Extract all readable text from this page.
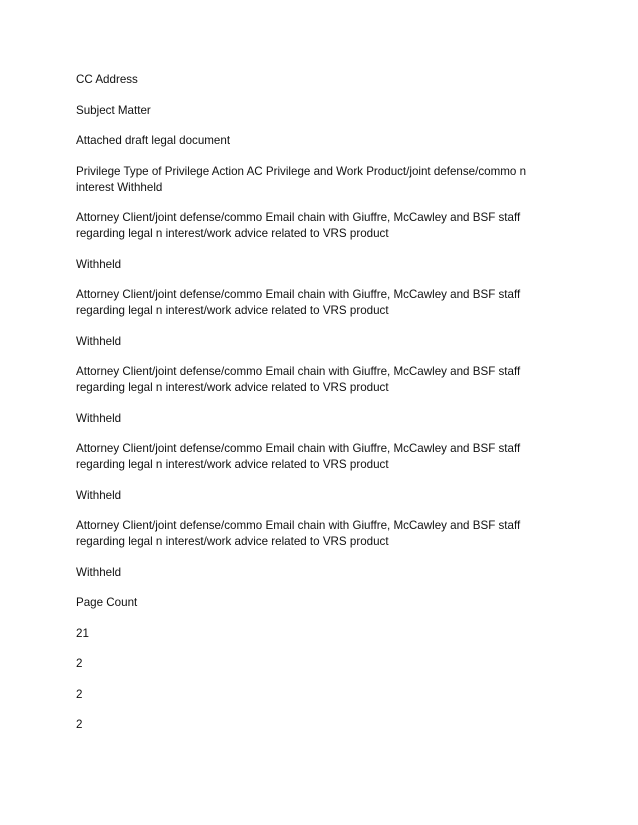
CC Address

Subject Matter

Attached draft legal document

Privilege Type of Privilege Action AC Privilege and Work Product/joint defense/commo n interest Withheld

Attorney Client/joint defense/commo Email chain with Giuffre, McCawley and BSF staff regarding legal n interest/work advice related to VRS product

Withheld

Attorney Client/joint defense/commo Email chain with Giuffre, McCawley and BSF staff regarding legal n interest/work advice related to VRS product

Withheld

Attorney Client/joint defense/commo Email chain with Giuffre, McCawley and BSF staff regarding legal n interest/work advice related to VRS product

Withheld

Attorney Client/joint defense/commo Email chain with Giuffre, McCawley and BSF staff regarding legal n interest/work advice related to VRS product

Withheld

Attorney Client/joint defense/commo Email chain with Giuffre, McCawley and BSF staff regarding legal n interest/work advice related to VRS product

Withheld

Page Count

21

2

2

2
